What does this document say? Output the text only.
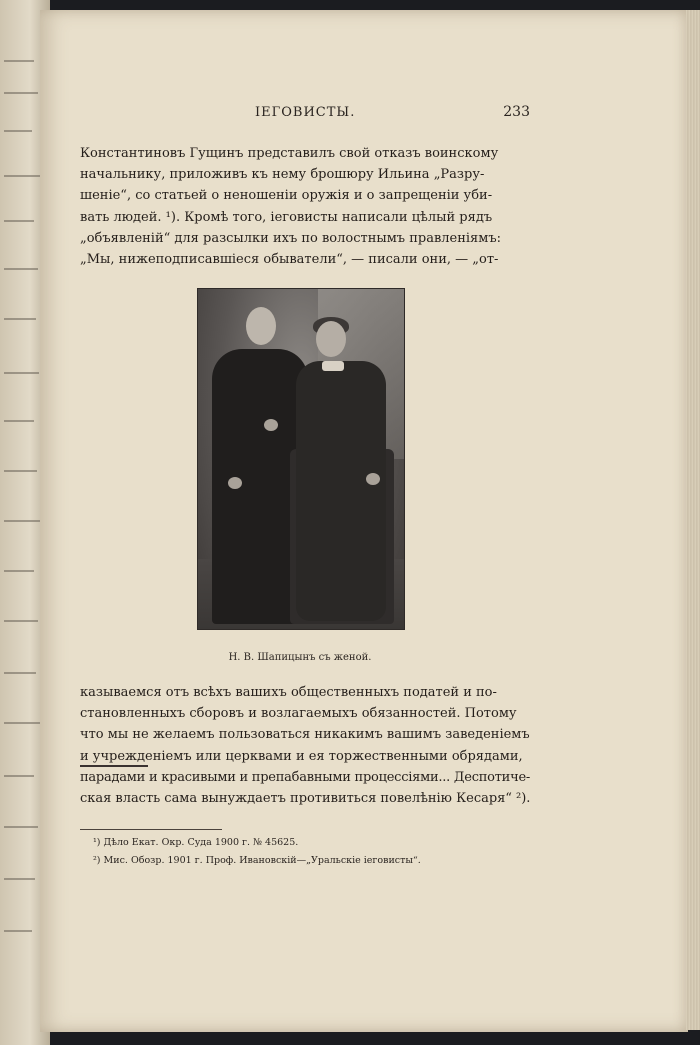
ІЕГОВИСТЫ.	233
Константиновъ Гущинъ представилъ свой отказъ воинскому
начальнику, приложивъ къ нему брошюру Ильина „Разру-
шеніе“, со статьей о неношеніи оружія и о запрещеніи уби-
вать людей. ¹). Кромѣ того, іеговисты написали цѣлый рядъ
„объявленій“ для разсылки ихъ по волостнымъ правленіямъ:
„Мы, нижеподписавшіеся обыватели“, — писали они, — „от-
Н. В. Шапицынъ съ женой.
казываемся отъ всѣхъ вашихъ общественныхъ податей и по-
становленныхъ сборовъ и возлагаемыхъ обязанностей. Потому
что мы не желаемъ пользоваться никакимъ вашимъ заведеніемъ
и учрежденіемъ или церквами и ея торжественными обрядами,
парадами и красивыми и препабавными процессіями... Деспотиче-
ская власть сама вынуждаетъ противиться повелѣнію Кесаря“ ²).
¹) Дѣло Екат. Окр. Суда 1900 г. № 45625.
²) Мис. Обозр. 1901 г. Проф. Ивановскій—„Уральскіе іеговисты“.
